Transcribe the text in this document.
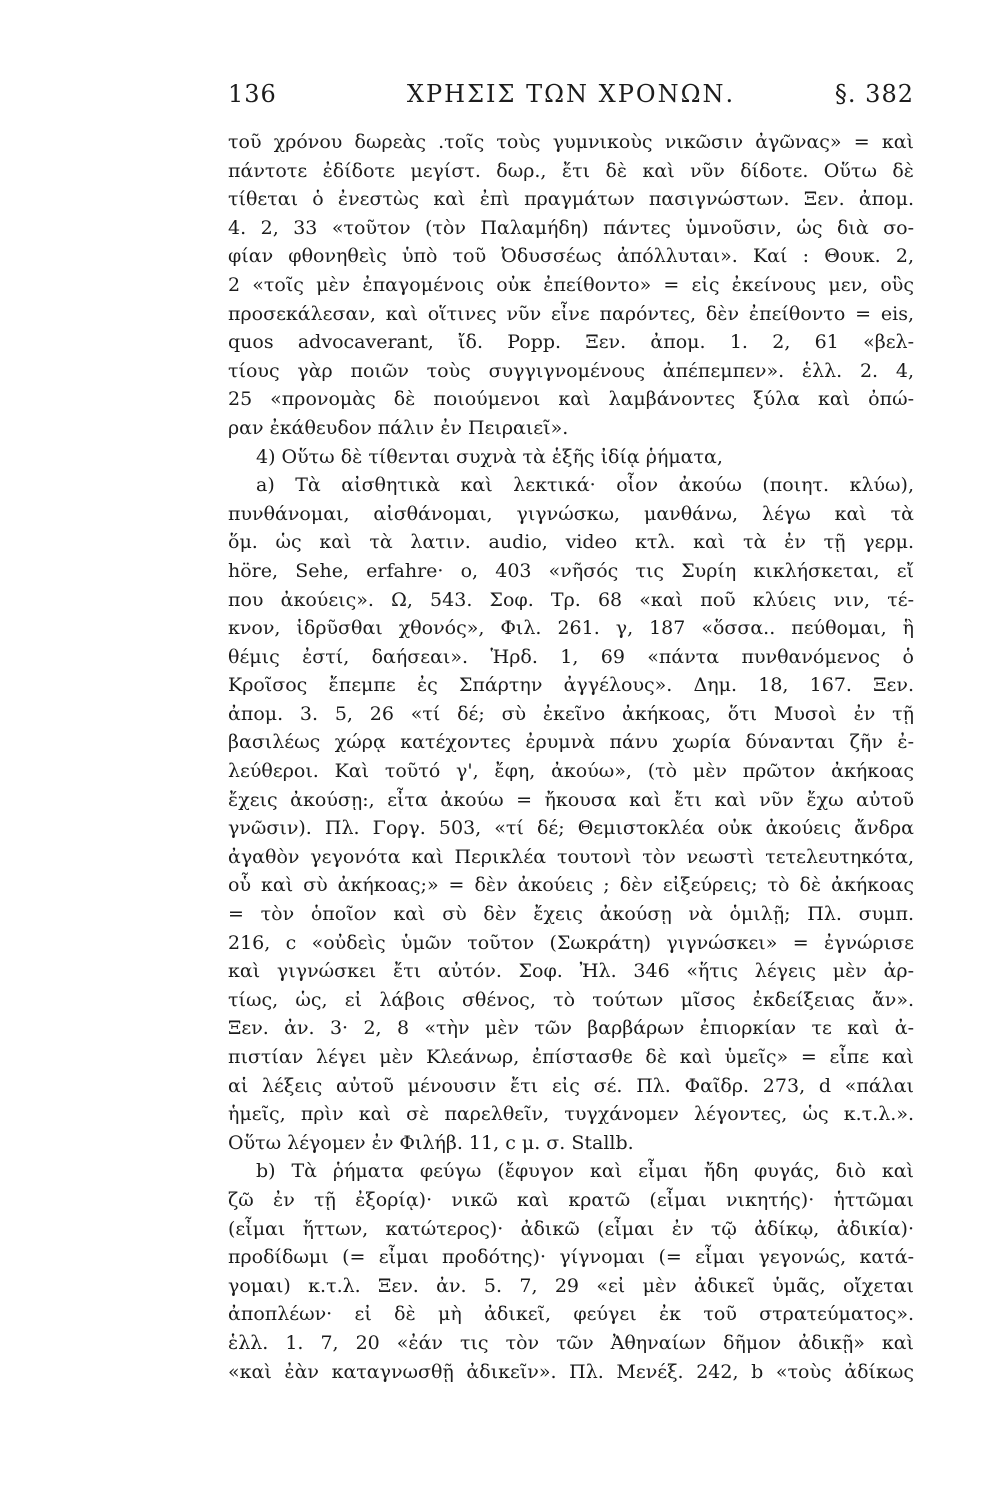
136	ΧΡΗΣΙΣ ΤΩΝ ΧΡΟΝΩΝ.	§. 382
τοῦ χρόνου δωρεὰς .τοῖς τοὺς γυμνικοὺς νικῶσιν ἀγῶνας» = καὶ
πάντοτε ἐδίδοτε μεγίστ. δωρ., ἔτι δὲ καὶ νῦν δίδοτε. Οὕτω δὲ
τίθεται ὁ ἐνεστὼς καὶ ἐπὶ πραγμάτων πασιγνώστων. Ξεν. ἀπομ.
4. 2, 33 «τοῦτον (τὸν Παλαμήδη) πάντες ὑμνοῦσιν, ὡς διὰ σο-
φίαν φθονηθεὶς ὑπὸ τοῦ Ὀδυσσέως ἀπόλλυται». Καί : Θουκ. 2,
2 «τοῖς μὲν ἐπαγομένοις οὐκ ἐπείθοντο» = εἰς ἐκείνους μεν, οὓς
προσεκάλεσαν, καὶ οἵτινες νῦν εἶνε παρόντες, δὲν ἐπείθοντο = eis,
quos advocaverant, ἴδ. Popp. Ξεν. ἀπομ. 1. 2, 61 «βελ-
τίους γὰρ ποιῶν τοὺς συγγιγνομένους ἀπέπεμπεν». ἑλλ. 2. 4,
25 «προνομὰς δὲ ποιούμενοι καὶ λαμβάνοντες ξύλα καὶ ὀπώ-
ραν ἐκάθευδον πάλιν ἐν Πειραιεῖ».
4) Οὕτω δὲ τίθενται συχνὰ τὰ ἑξῆς ἰδίᾳ ῥήματα,
a) Τὰ αἰσθητικὰ καὶ λεκτικά· οἷον ἀκούω (ποιητ. κλύω),
πυνθάνομαι, αἰσθάνομαι, γιγνώσκω, μανθάνω, λέγω καὶ τὰ
ὅμ. ὡς καὶ τὰ λατιν. audio, video κτλ. καὶ τὰ ἐν τῇ γερμ.
höre, Sehe, erfahre· ο, 403 «νῆσός τις Συρίη κικλήσκεται, εἴ
που ἀκούεις». Ω, 543. Σοφ. Τρ. 68 «καὶ ποῦ κλύεις νιν, τέ-
κνον, ἱδρῦσθαι χθονός», Φιλ. 261. γ, 187 «ὅσσα.. πεύθομαι, ἣ
θέμις ἐστί, δαήσεαι». Ἡρδ. 1, 69 «πάντα πυνθανόμενος ὁ
Κροῖσος ἔπεμπε ἐς Σπάρτην ἀγγέλους». Δημ. 18, 167. Ξεν.
ἀπομ. 3. 5, 26 «τί δέ; σὺ ἐκεῖνο ἀκήκοας, ὅτι Μυσοὶ ἐν τῇ
βασιλέως χώρᾳ κατέχοντες ἐρυμνὰ πάνυ χωρία δύνανται ζῆν ἐ-
λεύθεροι. Καὶ τοῦτό γ', ἔφη, ἀκούω», (τὸ μὲν πρῶτον ἀκήκοας
ἔχεις ἀκούσῃ:, εἶτα ἀκούω = ἤκουσα καὶ ἔτι καὶ νῦν ἔχω αὐτοῦ
γνῶσιν). Πλ. Γοργ. 503, «τί δέ; Θεμιστοκλέα οὐκ ἀκούεις ἄνδρα
ἀγαθὸν γεγονότα καὶ Περικλέα τουτονὶ τὸν νεωστὶ τετελευτηκότα,
οὗ καὶ σὺ ἀκήκοας;» = δὲν ἀκούεις ; δὲν εἰξεύρεις; τὸ δὲ ἀκήκοας
= τὸν ὁποῖον καὶ σὺ δὲν ἔχεις ἀκούσῃ νὰ ὁμιλῇ; Πλ. συμπ.
216, c «οὐδεὶς ὑμῶν τοῦτον (Σωκράτη) γιγνώσκει» = ἐγνώρισε
καὶ γιγνώσκει ἔτι αὐτόν. Σοφ. Ἠλ. 346 «ἥτις λέγεις μὲν ἀρ-
τίως, ὡς, εἰ λάβοις σθένος, τὸ τούτων μῖσος ἐκδείξειας ἄν».
Ξεν. ἀν. 3· 2, 8 «τὴν μὲν τῶν βαρβάρων ἐπιορκίαν τε καὶ ἀ-
πιστίαν λέγει μὲν Κλεάνωρ, ἐπίστασθε δὲ καὶ ὑμεῖς» = εἶπε καὶ
αἱ λέξεις αὐτοῦ μένουσιν ἔτι εἰς σέ. Πλ. Φαῖδρ. 273, d «πάλαι
ἡμεῖς, πρὶν καὶ σὲ παρελθεῖν, τυγχάνομεν λέγοντες, ὡς κ.τ.λ.».
Οὕτω λέγομεν ἐν Φιλήβ. 11, c μ. σ. Stallb.
b) Τὰ ῥήματα φεύγω (ἔφυγον καὶ εἶμαι ἤδη φυγάς, διὸ καὶ
ζῶ ἐν τῇ ἐξορίᾳ)· νικῶ καὶ κρατῶ (εἶμαι νικητής)· ἡττῶμαι
(εἶμαι ἥττων, κατώτερος)· ἀδικῶ (εἶμαι ἐν τῷ ἀδίκῳ, ἀδικία)·
προδίδωμι (= εἶμαι προδότης)· γίγνομαι (= εἶμαι γεγονώς, κατά-
γομαι) κ.τ.λ. Ξεν. ἀν. 5. 7, 29 «εἰ μὲν ἀδικεῖ ὑμᾶς, οἴχεται
ἀποπλέων· εἰ δὲ μὴ ἀδικεῖ, φεύγει ἐκ τοῦ στρατεύματος».
ἑλλ. 1. 7, 20 «ἐάν τις τὸν τῶν Ἀθηναίων δῆμον ἀδικῇ» καὶ
«καὶ ἐὰν καταγνωσθῇ ἀδικεῖν». Πλ. Μενέξ. 242, b «τοὺς ἀδίκως
